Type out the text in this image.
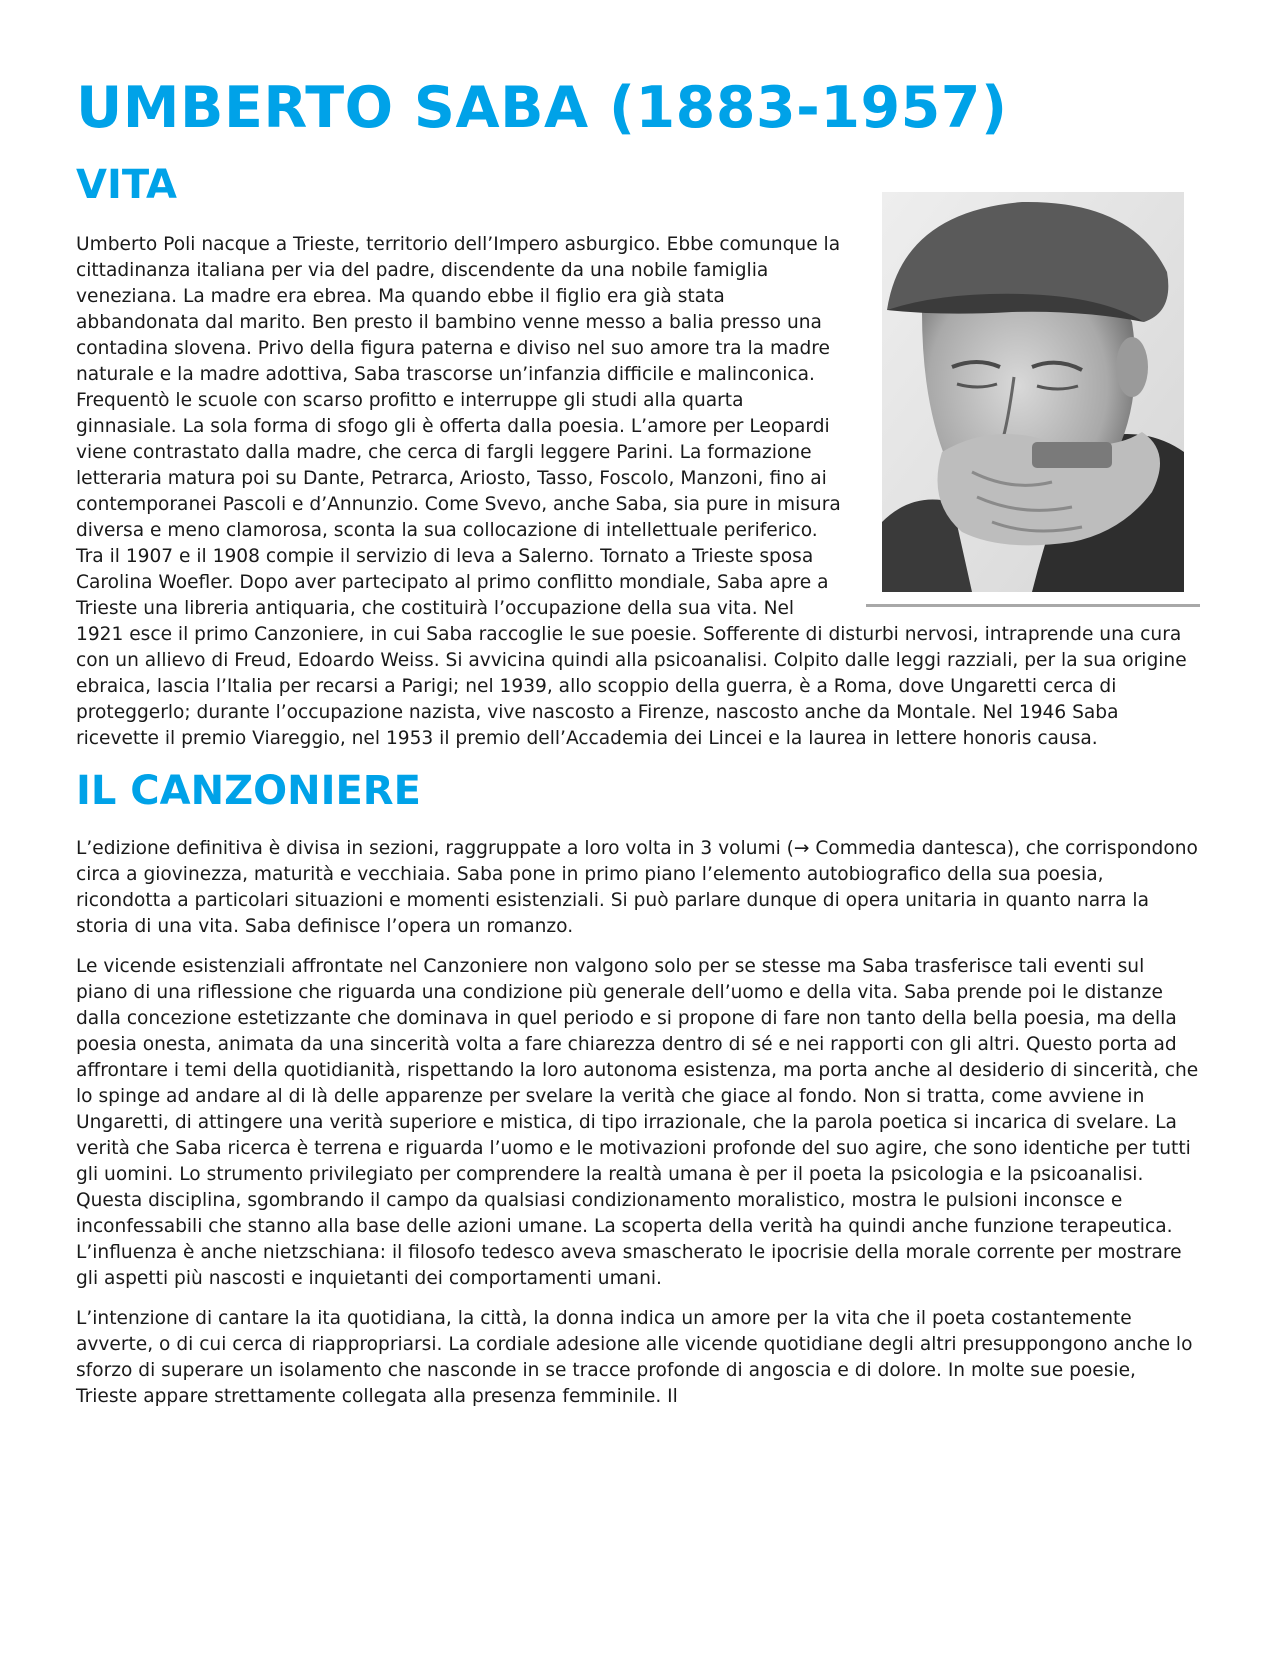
UMBERTO SABA (1883-1957)
VITA

Umberto Poli nacque a Trieste, territorio dell’Impero asburgico. Ebbe comunque la cittadinanza italiana per via del padre, discendente da una nobile famiglia veneziana. La madre era ebrea. Ma quando ebbe il figlio era già stata abbandonata dal marito. Ben presto il bambino venne messo a balia presso una contadina slovena. Privo della figura paterna e diviso nel suo amore tra la madre naturale e la madre adottiva, Saba trascorse un’infanzia difficile e malinconica. Frequentò le scuole con scarso profitto e interruppe gli studi alla quarta ginnasiale. La sola forma di sfogo gli è offerta dalla poesia. L’amore per Leopardi viene contrastato dalla madre, che cerca di fargli leggere Parini. La formazione letteraria matura poi su Dante, Petrarca, Ariosto, Tasso, Foscolo, Manzoni, fino ai contemporanei Pascoli e d’Annunzio. Come Svevo, anche Saba, sia pure in misura diversa e meno clamorosa, sconta la sua collocazione di intellettuale periferico. Tra il 1907 e il 1908 compie il servizio di leva a Salerno. Tornato a Trieste sposa Carolina Woefler. Dopo aver partecipato al primo conflitto mondiale, Saba apre a Trieste una libreria antiquaria, che costituirà l’occupazione della sua vita. Nel 1921 esce il primo Canzoniere, in cui Saba raccoglie le sue poesie. Sofferente di disturbi nervosi, intraprende una cura con un allievo di Freud, Edoardo Weiss. Si avvicina quindi alla psicoanalisi. Colpito dalle leggi razziali, per la sua origine ebraica, lascia l’Italia per recarsi a Parigi; nel 1939, allo scoppio della guerra, è a Roma, dove Ungaretti cerca di proteggerlo; durante l’occupazione nazista, vive nascosto a Firenze, nascosto anche da Montale. Nel 1946 Saba ricevette il premio Viareggio, nel 1953 il premio dell’Accademia dei Lincei e la laurea in lettere honoris causa.

IL CANZONIERE

L’edizione definitiva è divisa in sezioni, raggruppate a loro volta in 3 volumi (→ Commedia dantesca), che corrispondono circa a giovinezza, maturità e vecchiaia. Saba pone in primo piano l’elemento autobiografico della sua poesia, ricondotta a particolari situazioni e momenti esistenziali. Si può parlare dunque di opera unitaria in quanto narra la storia di una vita. Saba definisce l’opera un romanzo.

Le vicende esistenziali affrontate nel Canzoniere non valgono solo per se stesse ma Saba trasferisce tali eventi sul piano di una riflessione che riguarda una condizione più generale dell’uomo e della vita. Saba prende poi le distanze dalla concezione estetizzante che dominava in quel periodo e si propone di fare non tanto della bella poesia, ma della poesia onesta, animata da una sincerità volta a fare chiarezza dentro di sé e nei rapporti con gli altri. Questo porta ad affrontare i temi della quotidianità, rispettando la loro autonoma esistenza, ma porta anche al desiderio di sincerità, che lo spinge ad andare al di là delle apparenze per svelare la verità che giace al fondo. Non si tratta, come avviene in Ungaretti, di attingere una verità superiore e mistica, di tipo irrazionale, che la parola poetica si incarica di svelare. La verità che Saba ricerca è terrena e riguarda l’uomo e le motivazioni profonde del suo agire, che sono identiche per tutti gli uomini. Lo strumento privilegiato per comprendere la realtà umana è per il poeta la psicologia e la psicoanalisi. Questa disciplina, sgombrando il campo da qualsiasi condizionamento moralistico, mostra le pulsioni inconsce e inconfessabili che stanno alla base delle azioni umane. La scoperta della verità ha quindi anche funzione terapeutica. L’influenza è anche nietzschiana: il filosofo tedesco aveva smascherato le ipocrisie della morale corrente per mostrare gli aspetti più nascosti e inquietanti dei comportamenti umani.

L’intenzione di cantare la ita quotidiana, la città, la donna indica un amore per la vita che il poeta costantemente avverte, o di cui cerca di riappropriarsi. La cordiale adesione alle vicende quotidiane degli altri presuppongono anche lo sforzo di superare un isolamento che nasconde in se tracce profonde di angoscia e di dolore. In molte sue poesie, Trieste appare strettamente collegata alla presenza femminile. Il
